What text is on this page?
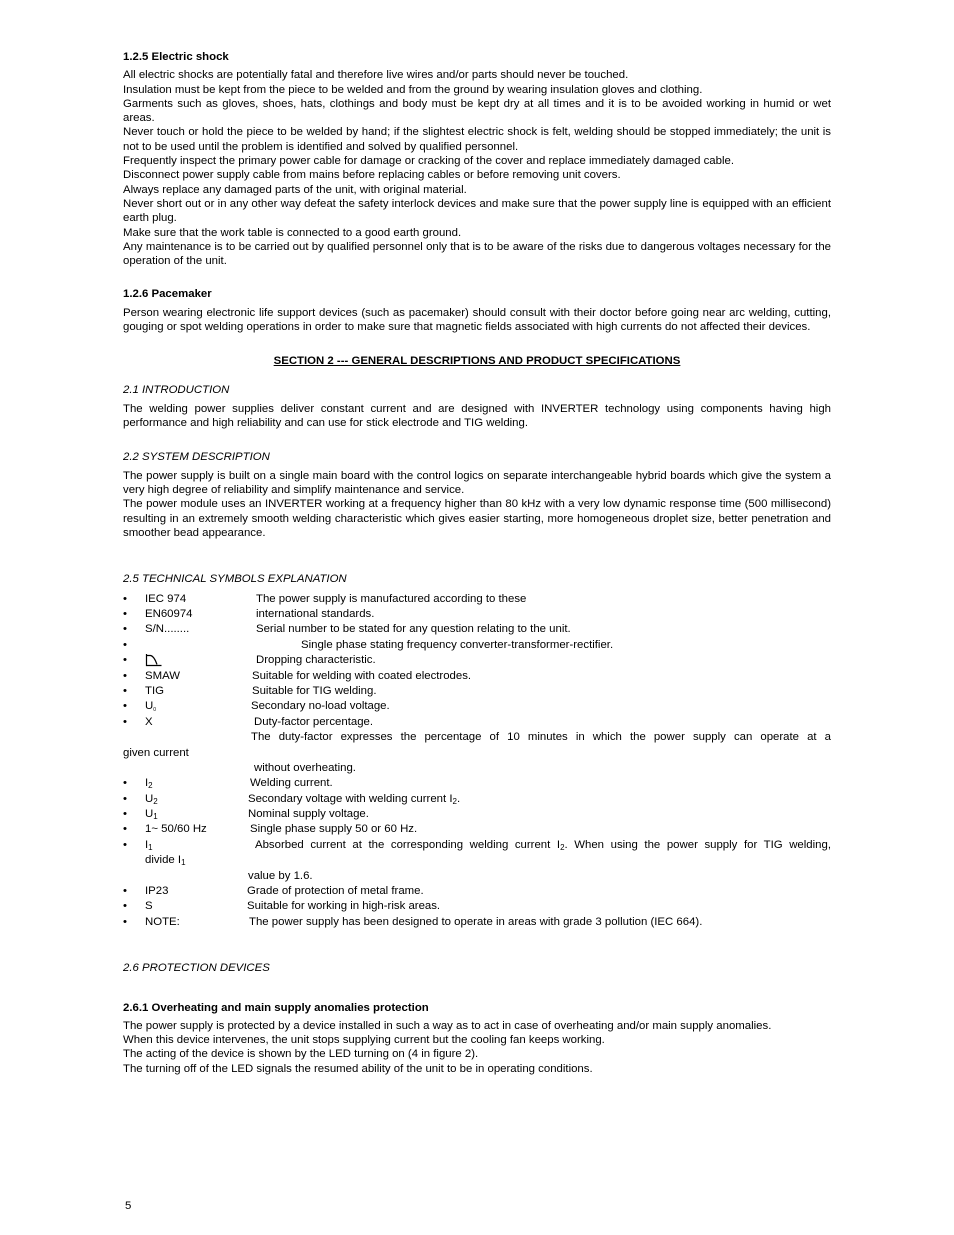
1.2.5 Electric shock

All electric shocks are potentially fatal and therefore live wires and/or parts should never be touched.

Insulation must be kept from the piece to be welded and from the ground by wearing insulation gloves and clothing.

Garments such as gloves, shoes, hats, clothings and body must be kept dry at all times and it is to be avoided working in humid or wet areas.

Never touch or hold the piece to be welded by hand; if the slightest electric shock is felt, welding should be stopped immediately; the unit is not to be used until the problem is identified and solved by qualified personnel.

Frequently inspect the primary power cable for damage or cracking of the cover and replace immediately damaged cable.

Disconnect power supply cable from mains before replacing cables or before removing unit covers.

Always replace any damaged parts of the unit, with original material.

Never short out or in any other way defeat the safety interlock devices and make sure that the power supply line is equipped with an efficient earth plug.

Make sure that the work table is connected to a good earth ground.

Any maintenance is to be carried out by qualified personnel only that is to be aware of the risks due to dangerous voltages necessary for the operation of the unit.

1.2.6 Pacemaker

Person wearing electronic life support devices (such as pacemaker) should consult with their doctor before going near arc welding, cutting, gouging or spot welding operations in order to make sure that magnetic fields associated with high currents do not affected their devices.

SECTION 2 --- GENERAL DESCRIPTIONS AND PRODUCT SPECIFICATIONS
2.1 INTRODUCTION

The welding power supplies deliver constant current and are designed with INVERTER technology using components having high performance and high reliability and can use for stick electrode and TIG welding.

2.2 SYSTEM DESCRIPTION

The power supply is built on a single main board with the control logics on separate interchangeable hybrid boards which give the system a very high degree of reliability and simplify maintenance and service.

The power module uses an INVERTER working at a frequency higher than 80 kHz with a very low dynamic response time (500 millisecond) resulting in an extremely smooth welding characteristic which gives easier starting, more homogeneous droplet size, better penetration and smoother bead appearance.

2.5 TECHNICAL SYMBOLS EXPLANATION
• IEC 974	The power supply is manufactured according to these
• EN60974	international standards.
• S/N........	Serial number to be stated for any question relating to the unit.
•	Single phase stating frequency converter-transformer-rectifier.
•	Dropping characteristic.
• SMAW	Suitable for welding with coated electrodes.
• TIG	Suitable for TIG welding.
• $U_0$	Secondary no-load voltage.
• X	Duty-factor percentage.
The duty-factor expresses the percentage of 10 minutes in which the power supply can operate at a
given current
without overheating.
• $I_2$	Welding current.
• $U_2$	Secondary voltage with welding current $I_2$.
• $U_1$	Nominal supply voltage.
• 1~ 50/60 Hz	Single phase supply 50 or 60 Hz.
• $I_1$	Absorbed current at the corresponding welding current $I_2$. When using the power supply for TIG welding,
divide $I_1$
value by 1.6.
• IP23	Grade of protection of metal frame.
• S	Suitable for working in high-risk areas.
• NOTE:	The power supply has been designed to operate in areas with grade 3 pollution (IEC 664).
2.6 PROTECTION DEVICES
2.6.1 Overheating and main supply anomalies protection

The power supply is protected by a device installed in such a way as to act in case of overheating and/or main supply anomalies.

When this device intervenes, the unit stops supplying current but the cooling fan keeps working.

The acting of the device is shown by the LED turning on (4 in figure 2).

The turning off of the LED signals the resumed ability of the unit to be in operating conditions.

5
